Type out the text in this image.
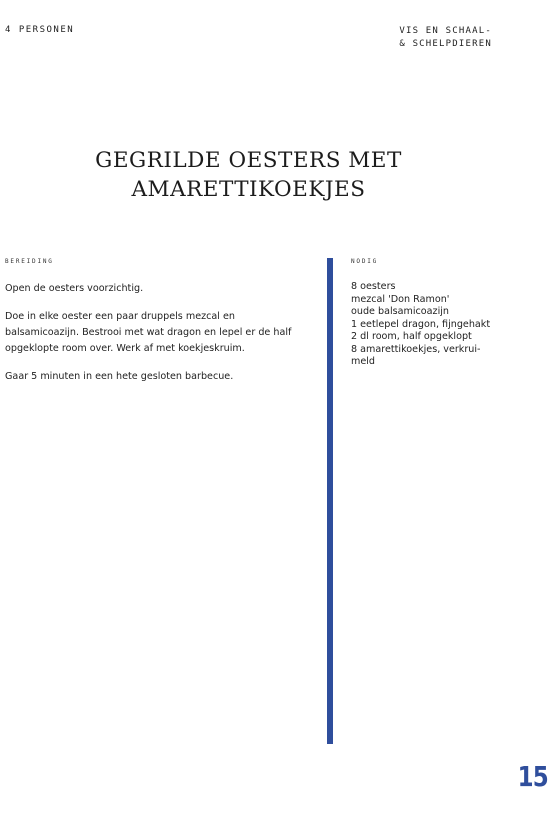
4 PERSONEN	VIS EN SCHAAL-
& SCHELPDIEREN
GEGRILDE OESTERS MET
AMARETTIKOEKJES
BEREIDING

Open de oesters voorzichtig.

Doe in elke oester een paar druppels mezcal en balsamicoazijn. Bestrooi met wat dragon en lepel er de half opgeklopte room over. Werk af met koekjeskruim.

Gaar 5 minuten in een hete gesloten barbecue.

NODIG
8 oesters
mezcal 'Don Ramon'
oude balsamicoazijn
1 eetlepel dragon, fijngehakt
2 dl room, half opgeklopt
8 amarettikoekjes, verkrui-
meld
15
